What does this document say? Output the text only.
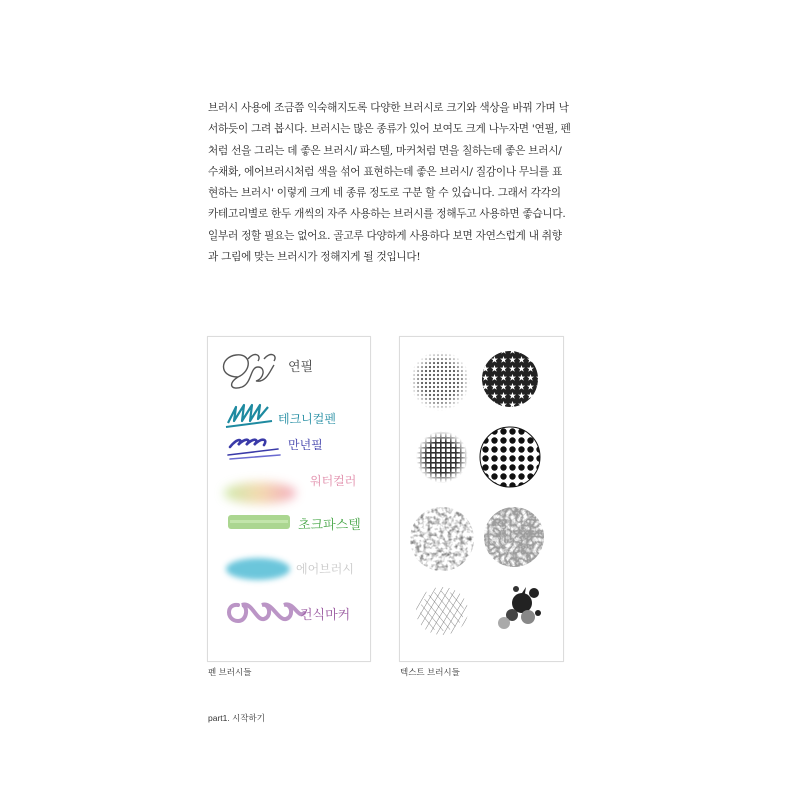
브러시 사용에 조금쯤 익숙해지도록 다양한 브러시로 크기와 색상을 바꿔 가며 낙
서하듯이 그려 봅시다. 브러시는 많은 종류가 있어 보여도 크게 나누자면 '연필, 펜
처럼 선을 그리는 데 좋은 브러시/ 파스텔, 마커처럼 면을 칠하는데 좋은 브러시/
수채화, 에어브러시처럼 색을 섞어 표현하는데 좋은 브러시/ 질감이나 무늬를 표
현하는 브러시' 이렇게 크게 네 종류 정도로 구분 할 수 있습니다. 그래서 각각의
카테고리별로 한두 개씩의 자주 사용하는 브러시를 정해두고 사용하면 좋습니다.
일부러 정할 필요는 없어요. 골고루 다양하게 사용하다 보면 자연스럽게 내 취향
과 그림에 맞는 브러시가 정해지게 될 것입니다!
연필
테크니컬펜
만년필
워터컬러
초크파스텔
에어브러시
건식마커
펜 브러시들	텍스트 브러시들
part1. 시작하기
